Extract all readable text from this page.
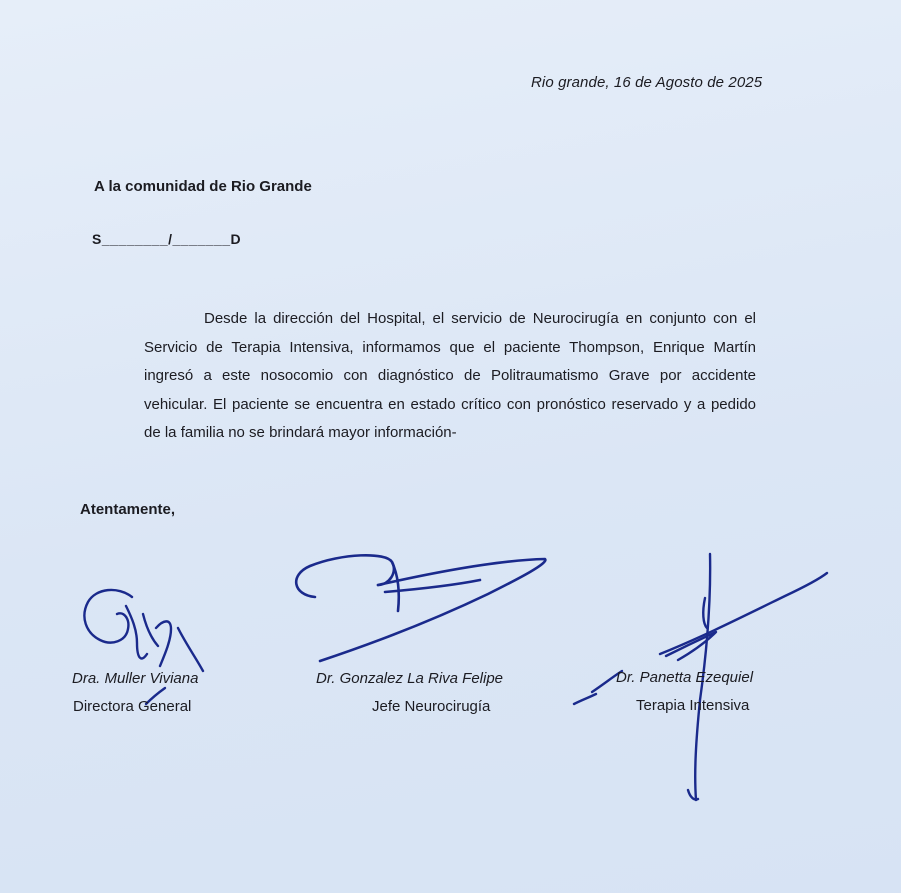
Rio grande, 16 de Agosto de 2025
A la comunidad de Rio Grande
S________/_______D

Desde la dirección del Hospital, el servicio de Neurocirugía en conjunto con el Servicio de Terapia Intensiva, informamos que el paciente Thompson, Enrique Martín ingresó a este nosocomio con diagnóstico de Politraumatismo Grave por accidente vehicular. El paciente se encuentra en estado crítico con pronóstico reservado y a pedido de la familia no se brindará mayor información-

Atentamente,
Dra. Muller Viviana
Directora General
Dr. Gonzalez La Riva Felipe
Jefe Neurocirugía
Dr. Panetta Ezequiel
Terapia Intensiva
